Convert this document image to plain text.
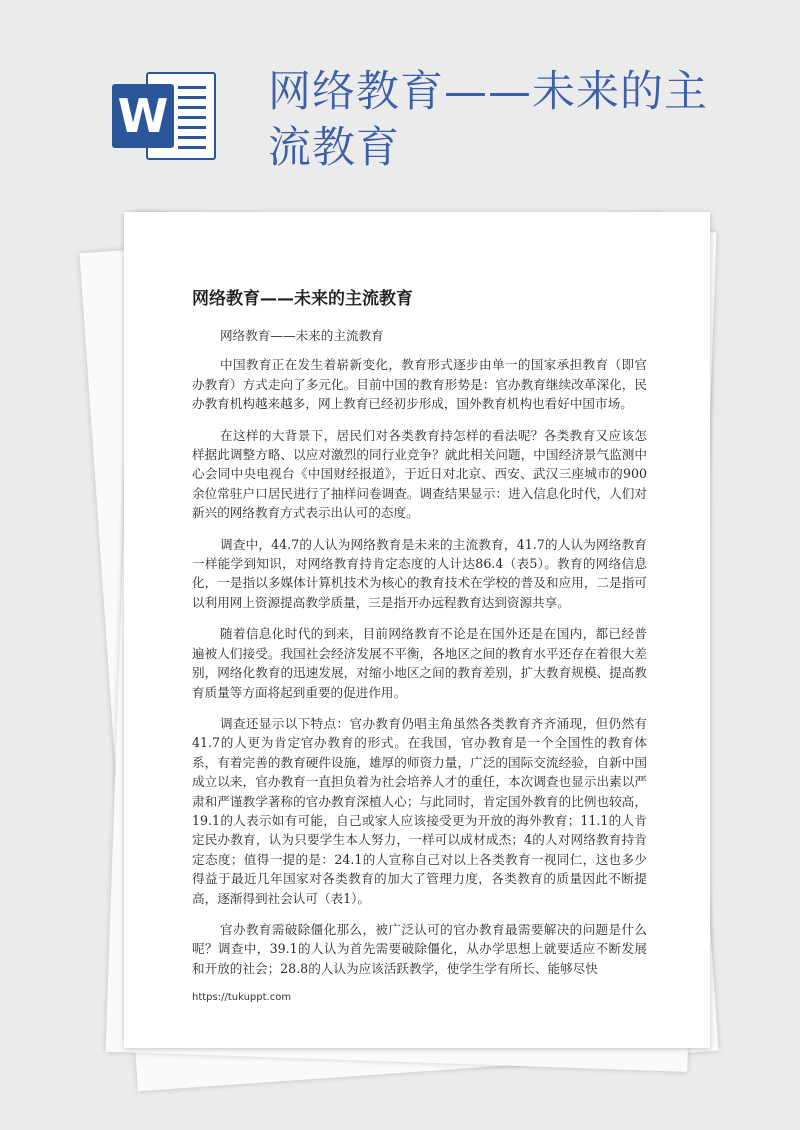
W 网络教育——未来的主流教育
网络教育——未来的主流教育

网络教育——未来的主流教育

中国教育正在发生着崭新变化，教育形式逐步由单一的国家承担教育（即官办教育）方式走向了多元化。目前中国的教育形势是：官办教育继续改革深化，民办教育机构越来越多，网上教育已经初步形成，国外教育机构也看好中国市场。

在这样的大背景下，居民们对各类教育持怎样的看法呢？各类教育又应该怎样据此调整方略、以应对激烈的同行业竞争？就此相关问题，中国经济景气监测中心会同中央电视台《中国财经报道》，于近日对北京、西安、武汉三座城市的900余位常驻户口居民进行了抽样问卷调查。调查结果显示：进入信息化时代，人们对新兴的网络教育方式表示出认可的态度。

调查中，44.7的人认为网络教育是未来的主流教育，41.7的人认为网络教育一样能学到知识，对网络教育持肯定态度的人计达86.4（表5）。教育的网络信息化，一是指以多媒体计算机技术为核心的教育技术在学校的普及和应用，二是指可以利用网上资源提高教学质量，三是指开办远程教育达到资源共享。

随着信息化时代的到来，目前网络教育不论是在国外还是在国内，都已经普遍被人们接受。我国社会经济发展不平衡，各地区之间的教育水平还存在着很大差别，网络化教育的迅速发展，对缩小地区之间的教育差别，扩大教育规模、提高教育质量等方面将起到重要的促进作用。

调查还显示以下特点：官办教育仍唱主角虽然各类教育齐齐涌现，但仍然有41.7的人更为肯定官办教育的形式。在我国，官办教育是一个全国性的教育体系，有着完善的教育硬件设施，雄厚的师资力量，广泛的国际交流经验，自新中国成立以来，官办教育一直担负着为社会培养人才的重任，本次调查也显示出素以严肃和严谨教学著称的官办教育深植人心；与此同时，肯定国外教育的比例也较高，19.1的人表示如有可能，自己或家人应该接受更为开放的海外教育；11.1的人肯定民办教育，认为只要学生本人努力，一样可以成材成杰；4的人对网络教育持肯定态度；值得一提的是：24.1的人宣称自己对以上各类教育一视同仁，这也多少得益于最近几年国家对各类教育的加大了管理力度，各类教育的质量因此不断提高，逐渐得到社会认可（表1）。

官办教育需破除僵化那么，被广泛认可的官办教育最需要解决的问题是什么呢？调查中，39.1的人认为首先需要破除僵化，从办学思想上就要适应不断发展和开放的社会；28.8的人认为应该活跃教学，使学生学有所长、能够尽快

https://tukuppt.com
